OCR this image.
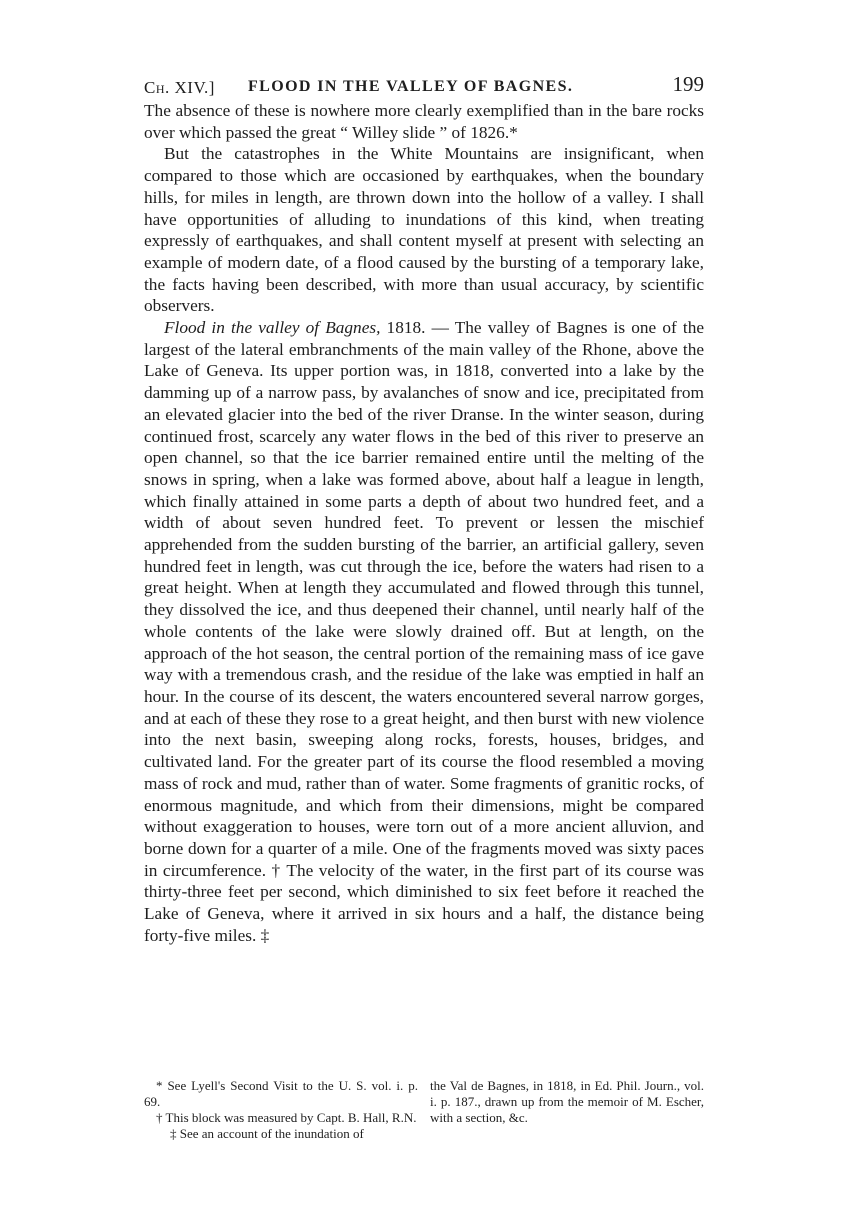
Ch. XIV.] FLOOD IN THE VALLEY OF BAGNES.	199

The absence of these is nowhere more clearly exemplified than in the bare rocks over which passed the great “ Willey slide ” of 1826.*

But the catastrophes in the White Mountains are insignificant, when compared to those which are occasioned by earthquakes, when the boundary hills, for miles in length, are thrown down into the hollow of a valley. I shall have opportunities of alluding to inundations of this kind, when treating expressly of earthquakes, and shall content myself at present with selecting an example of modern date, of a flood caused by the bursting of a temporary lake, the facts having been described, with more than usual accuracy, by scientific observers.

Flood in the valley of Bagnes, 1818. — The valley of Bagnes is one of the largest of the lateral embranchments of the main valley of the Rhone, above the Lake of Geneva. Its upper portion was, in 1818, converted into a lake by the damming up of a narrow pass, by avalanches of snow and ice, precipitated from an elevated glacier into the bed of the river Dranse. In the winter season, during continued frost, scarcely any water flows in the bed of this river to preserve an open channel, so that the ice barrier remained entire until the melting of the snows in spring, when a lake was formed above, about half a league in length, which finally attained in some parts a depth of about two hundred feet, and a width of about seven hundred feet. To prevent or lessen the mischief apprehended from the sudden bursting of the barrier, an artificial gallery, seven hundred feet in length, was cut through the ice, before the waters had risen to a great height. When at length they accumulated and flowed through this tunnel, they dissolved the ice, and thus deepened their channel, until nearly half of the whole contents of the lake were slowly drained off. But at length, on the approach of the hot season, the central portion of the remaining mass of ice gave way with a tremendous crash, and the residue of the lake was emptied in half an hour. In the course of its descent, the waters encountered several narrow gorges, and at each of these they rose to a great height, and then burst with new violence into the next basin, sweeping along rocks, forests, houses, bridges, and cultivated land. For the greater part of its course the flood resembled a moving mass of rock and mud, rather than of water. Some fragments of granitic rocks, of enormous magnitude, and which from their dimensions, might be compared without exaggeration to houses, were torn out of a more ancient alluvion, and borne down for a quarter of a mile. One of the fragments moved was sixty paces in circumference. † The velocity of the water, in the first part of its course was thirty-three feet per second, which diminished to six feet before it reached the Lake of Geneva, where it arrived in six hours and a half, the distance being forty-five miles. ‡

* See Lyell's Second Visit to the U. S. vol. i. p. 69.

† This block was measured by Capt. B. Hall, R.N.

‡ See an account of the inundation of

the Val de Bagnes, in 1818, in Ed. Phil. Journ., vol. i. p. 187., drawn up from the memoir of M. Escher, with a section, &c.
